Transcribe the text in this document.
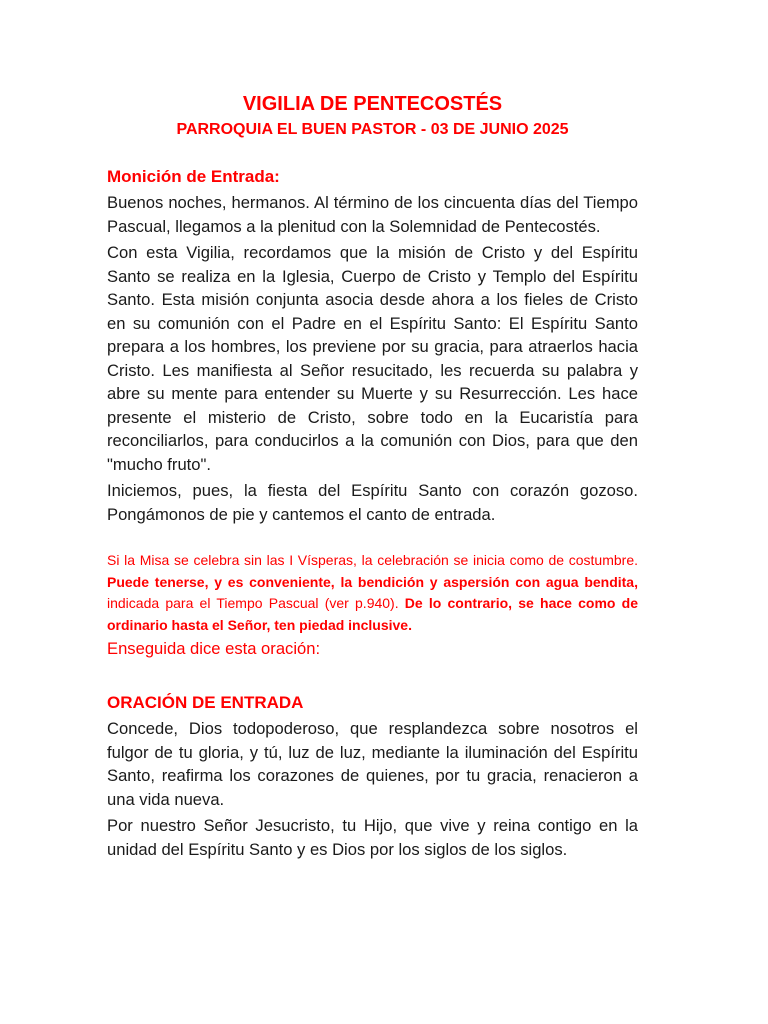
VIGILIA DE PENTECOSTÉS
PARROQUIA EL BUEN PASTOR - 03 DE JUNIO 2025
Monición de Entrada:

Buenos noches, hermanos. Al término de los cincuenta días del Tiempo Pascual, llegamos a la plenitud con la Solemnidad de Pentecostés.

Con esta Vigilia, recordamos que la misión de Cristo y del Espíritu Santo se realiza en la Iglesia, Cuerpo de Cristo y Templo del Espíritu Santo. Esta misión conjunta asocia desde ahora a los fieles de Cristo en su comunión con el Padre en el Espíritu Santo: El Espíritu Santo prepara a los hombres, los previene por su gracia, para atraerlos hacia Cristo. Les manifiesta al Señor resucitado, les recuerda su palabra y abre su mente para entender su Muerte y su Resurrección. Les hace presente el misterio de Cristo, sobre todo en la Eucaristía para reconciliarlos, para conducirlos a la comunión con Dios, para que den "mucho fruto".

Iniciemos, pues, la fiesta del Espíritu Santo con corazón gozoso. Pongámonos de pie y cantemos el canto de entrada.

Si la Misa se celebra sin las I Vísperas, la celebración se inicia como de costumbre. Puede tenerse, y es conveniente, la bendición y aspersión con agua bendita, indicada para el Tiempo Pascual (ver p.940). De lo contrario, se hace como de ordinario hasta el Señor, ten piedad inclusive.

Enseguida dice esta oración:

ORACIÓN DE ENTRADA

Concede, Dios todopoderoso, que resplandezca sobre nosotros el fulgor de tu gloria, y tú, luz de luz, mediante la iluminación del Espíritu Santo, reafirma los corazones de quienes, por tu gracia, renacieron a una vida nueva.

Por nuestro Señor Jesucristo, tu Hijo, que vive y reina contigo en la unidad del Espíritu Santo y es Dios por los siglos de los siglos.
